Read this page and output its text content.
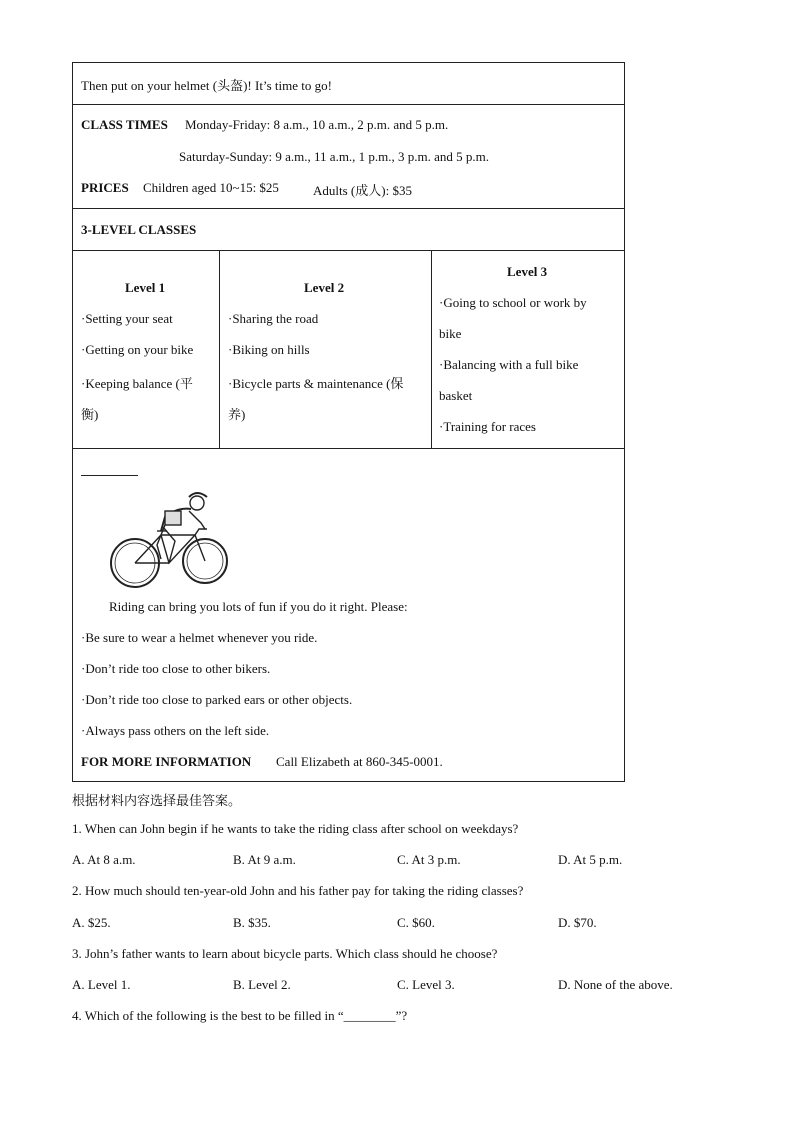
Then put on your helmet (头盔)! It’s time to go!
CLASS TIMES Monday-Friday: 8 a.m., 10 a.m., 2 p.m. and 5 p.m.
Saturday-Sunday: 9 a.m., 11 a.m., 1 p.m., 3 p.m. and 5 p.m.
PRICES Children aged 10~15: $25	Adults (成人): $35
3-LEVEL CLASSES
Level 1
·Setting your seat
·Getting on your bike
·Keeping balance (平
衡)
Level 2
·Sharing the road
·Biking on hills
·Bicycle parts & maintenance (保
养)
Level 3
·Going to school or work by
bike
·Balancing with a full bike
basket
·Training for races
Riding can bring you lots of fun if you do it right. Please:
·Be sure to wear a helmet whenever you ride.
·Don’t ride too close to other bikers.
·Don’t ride too close to parked ears or other objects.
·Always pass others on the left side.
FOR MORE INFORMATION Call Elizabeth at 860-345-0001.
根据材料内容选择最佳答案。
1. When can John begin if he wants to take the riding class after school on weekdays?
A. At 8 a.m.	B. At 9 a.m.	C. At 3 p.m.	D. At 5 p.m.
2. How much should ten-year-old John and his father pay for taking the riding classes?
A. $25.	B. $35.	C. $60.	D. $70.
3. John’s father wants to learn about bicycle parts. Which class should he choose?
A. Level 1.	B. Level 2.	C. Level 3.	D. None of the above.
4. Which of the following is the best to be filled in “________”?
